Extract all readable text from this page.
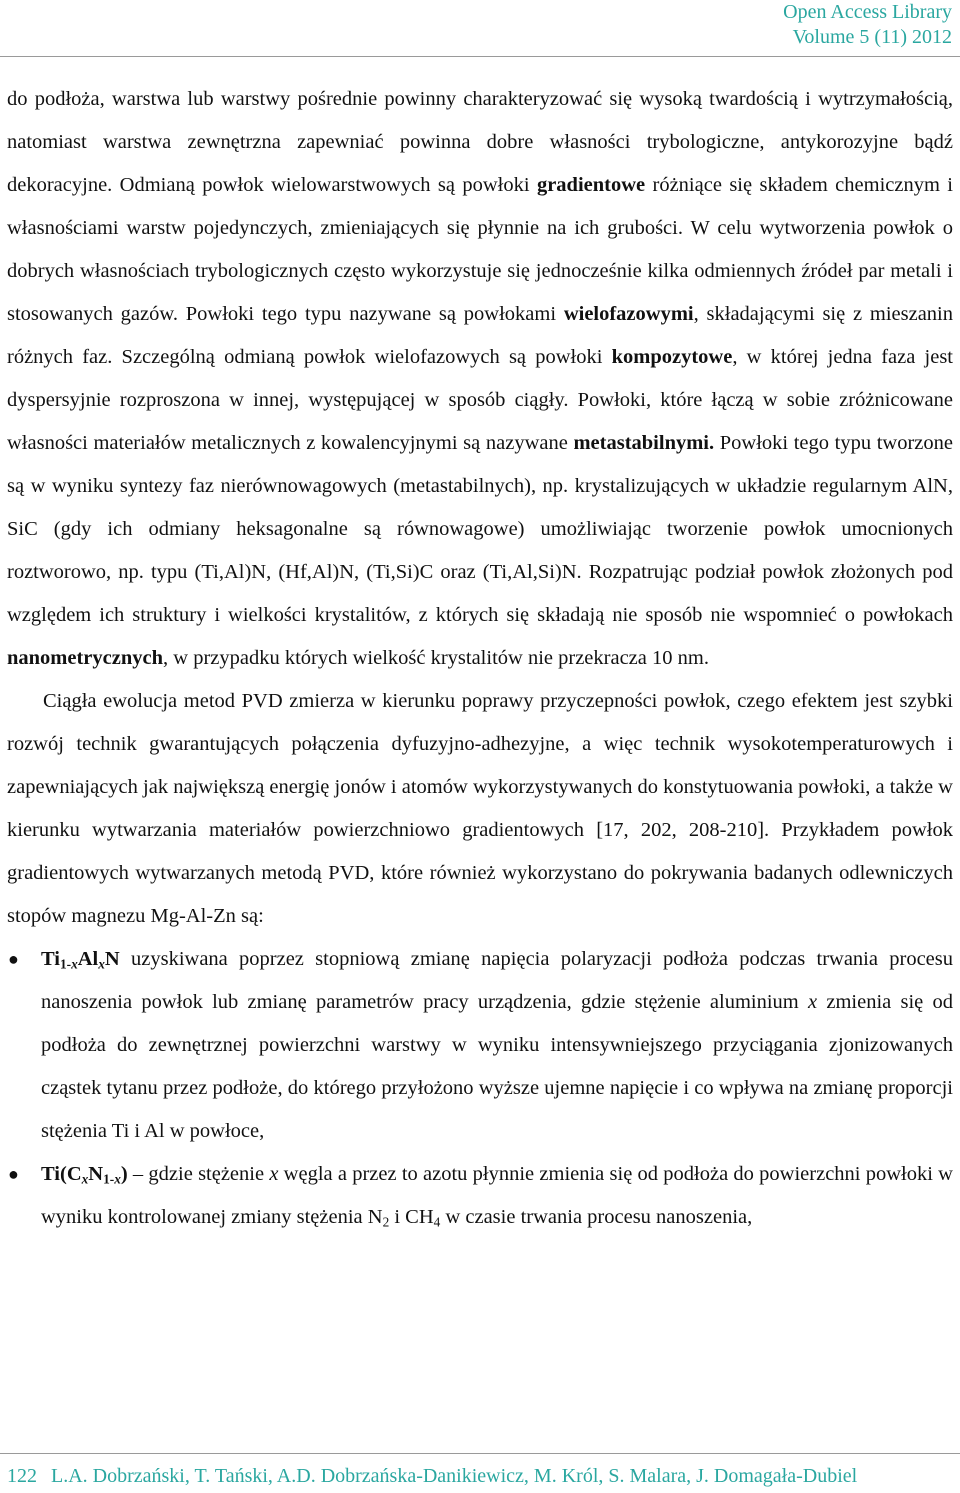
Open Access Library
Volume 5 (11) 2012

do podłoża, warstwa lub warstwy pośrednie powinny charakteryzować się wysoką twardością i wytrzymałością, natomiast warstwa zewnętrzna zapewniać powinna dobre własności trybologiczne, antykorozyjne bądź dekoracyjne. Odmianą powłok wielowarstwowych są powłoki gradientowe różniące się składem chemicznym i własnościami warstw pojedynczych, zmieniających się płynnie na ich grubości. W celu wytworzenia powłok o dobrych własnościach trybologicznych często wykorzystuje się jednocześnie kilka odmiennych źródeł par metali i stosowanych gazów. Powłoki tego typu nazywane są powłokami wielofazowymi, składającymi się z mieszanin różnych faz. Szczególną odmianą powłok wielofazowych są powłoki kompozytowe, w której jedna faza jest dyspersyjnie rozproszona w innej, występującej w sposób ciągły. Powłoki, które łączą w sobie zróżnicowane własności materiałów metalicznych z kowalencyjnymi są nazywane metastabilnymi. Powłoki tego typu tworzone są w wyniku syntezy faz nierównowagowych (metastabilnych), np. krystalizujących w układzie regularnym AlN, SiC (gdy ich odmiany heksagonalne są równowagowe) umożliwiając tworzenie powłok umocnionych roztworowo, np. typu (Ti,Al)N, (Hf,Al)N, (Ti,Si)C oraz (Ti,Al,Si)N. Rozpatrując podział powłok złożonych pod względem ich struktury i wielkości krystalitów, z których się składają nie sposób nie wspomnieć o powłokach nanometrycznych, w przypadku których wielkość krystalitów nie przekracza 10 nm.

Ciągła ewolucja metod PVD zmierza w kierunku poprawy przyczepności powłok, czego efektem jest szybki rozwój technik gwarantujących połączenia dyfuzyjno-adhezyjne, a więc technik wysokotemperaturowych i zapewniających jak największą energię jonów i atomów wykorzystywanych do konstytuowania powłoki, a także w kierunku wytwarzania materiałów powierzchniowo gradientowych [17, 202, 208-210]. Przykładem powłok gradientowych wytwarzanych metodą PVD, które również wykorzystano do pokrywania badanych odlewniczych stopów magnezu Mg-Al-Zn są:

● $Ti_{1-x}Al_xN$ uzyskiwana poprzez stopniową zmianę napięcia polaryzacji podłoża podczas trwania procesu nanoszenia powłok lub zmianę parametrów pracy urządzenia, gdzie stężenie aluminium x zmienia się od podłoża do zewnętrznej powierzchni warstwy w wyniku intensywniejszego przyciągania zjonizowanych cząstek tytanu przez podłoże, do którego przyłożono wyższe ujemne napięcie i co wpływa na zmianę proporcji stężenia Ti i Al w powłoce,
● $Ti(C_xN_{1-x})$ – gdzie stężenie x węgla a przez to azotu płynnie zmienia się od podłoża do powierzchni powłoki w wyniku kontrolowanej zmiany stężenia $N_2$ i $CH_4$ w czasie trwania procesu nanoszenia,
122 L.A. Dobrzański, T. Tański, A.D. Dobrzańska-Danikiewicz, M. Król, S. Malara, J. Domagała-Dubiel
